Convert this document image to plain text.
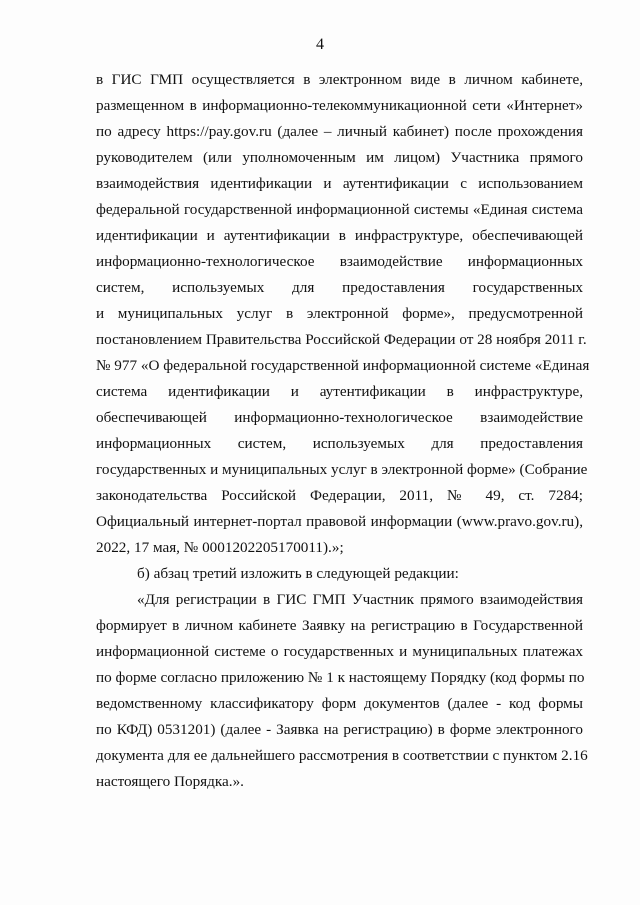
4
в ГИС ГМП осуществляется в электронном виде в личном кабинете,
размещенном в информационно-телекоммуникационной сети «Интернет»
по адресу https://pay.gov.ru (далее – личный кабинет) после прохождения
руководителем (или уполномоченным им лицом) Участника прямого
взаимодействия идентификации и аутентификации с использованием
федеральной государственной информационной системы «Единая система
идентификации и аутентификации в инфраструктуре, обеспечивающей
информационно-технологическое взаимодействие информационных
систем, используемых для предоставления государственных
и муниципальных услуг в электронной форме», предусмотренной
постановлением Правительства Российской Федерации от 28 ноября 2011 г.
№ 977 «О федеральной государственной информационной системе «Единая
система идентификации и аутентификации в инфраструктуре,
обеспечивающей информационно-технологическое взаимодействие
информационных систем, используемых для предоставления
государственных и муниципальных услуг в электронной форме» (Собрание
законодательства Российской Федерации, 2011, № 49, ст. 7284;
Официальный интернет-портал правовой информации (www.pravo.gov.ru),
2022, 17 мая, № 0001202205170011).»;
б) абзац третий изложить в следующей редакции:
«Для регистрации в ГИС ГМП Участник прямого взаимодействия
формирует в личном кабинете Заявку на регистрацию в Государственной
информационной системе о государственных и муниципальных платежах
по форме согласно приложению № 1 к настоящему Порядку (код формы по
ведомственному классификатору форм документов (далее - код формы
по КФД) 0531201) (далее - Заявка на регистрацию) в форме электронного
документа для ее дальнейшего рассмотрения в соответствии с пунктом 2.16
настоящего Порядка.».
